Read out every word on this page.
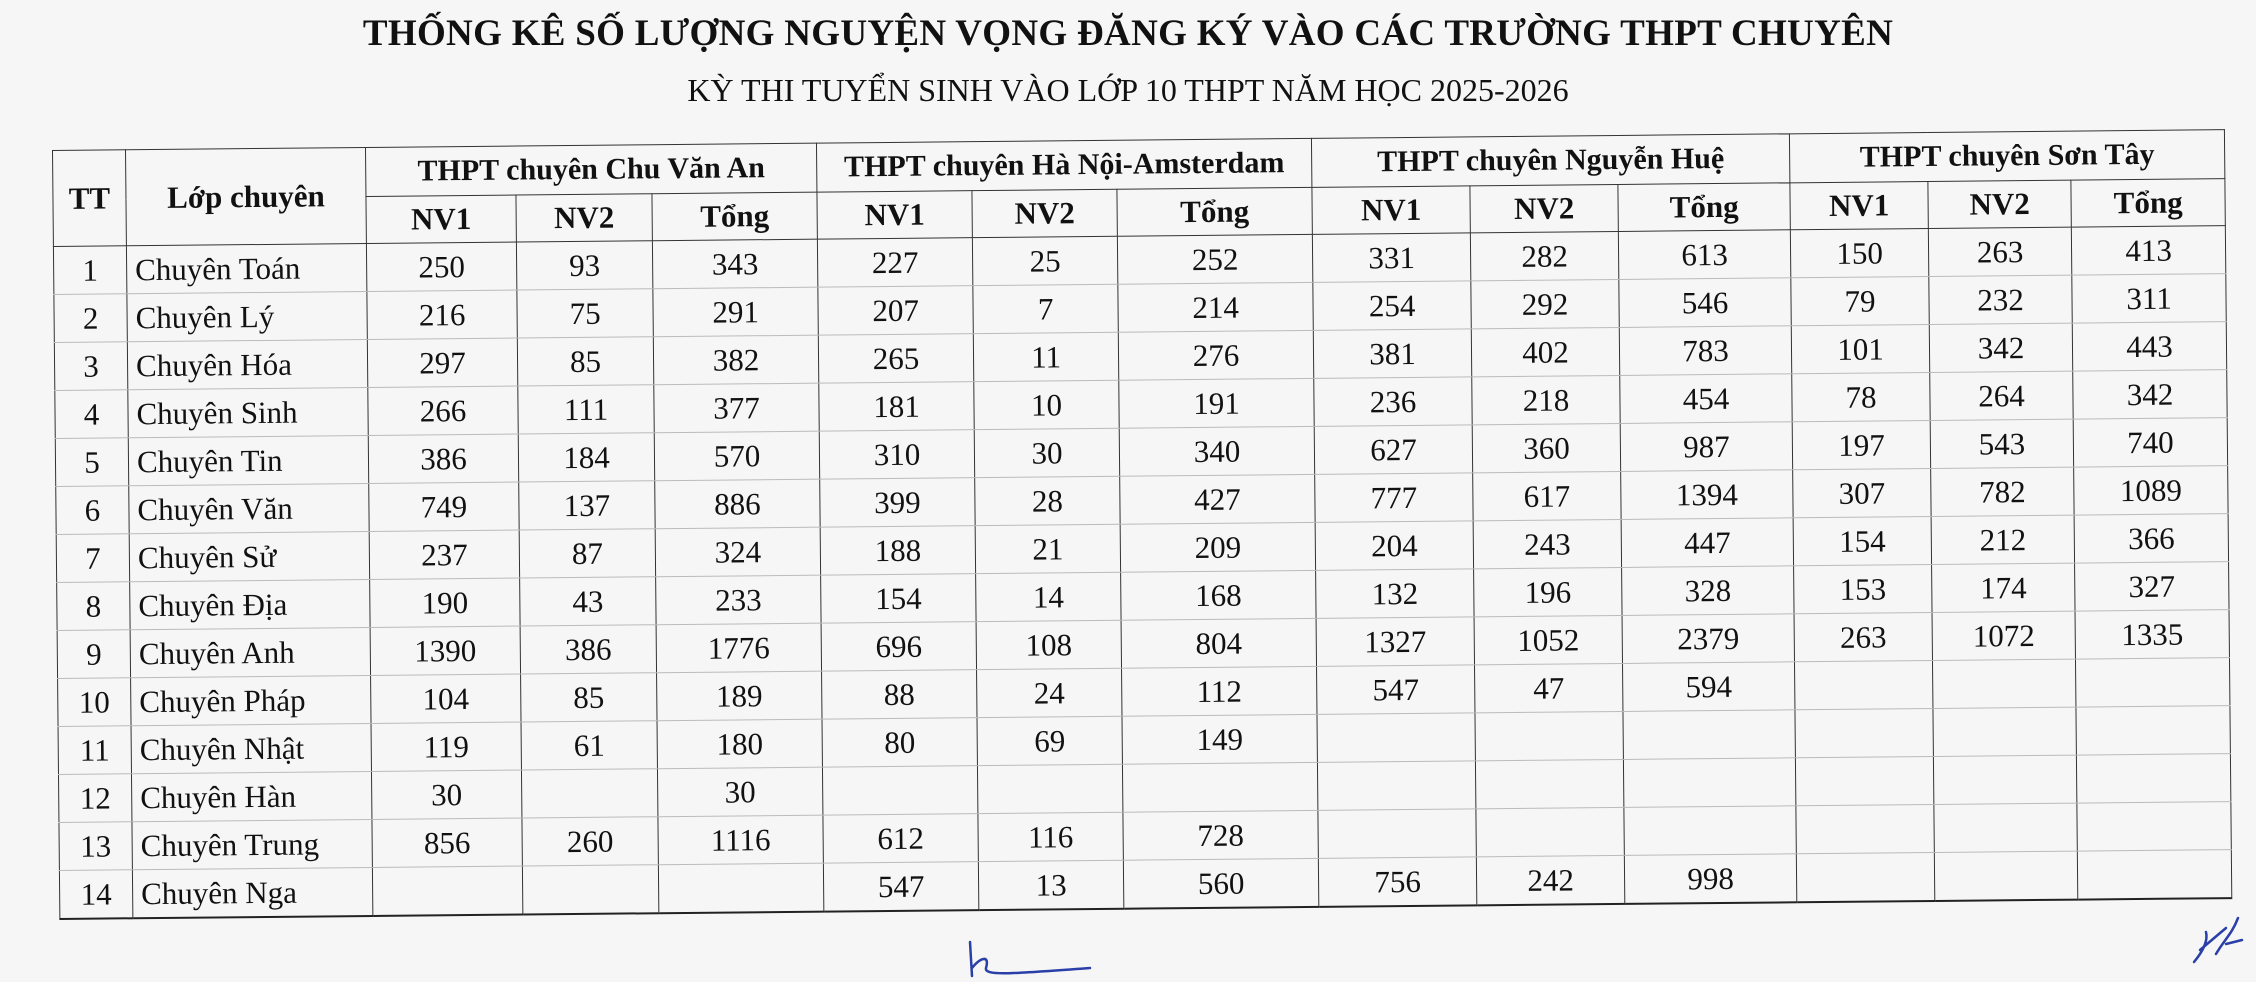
THỐNG KÊ SỐ LƯỢNG NGUYỆN VỌNG ĐĂNG KÝ VÀO CÁC TRƯỜNG THPT CHUYÊN
KỲ THI TUYỂN SINH VÀO LỚP 10 THPT NĂM HỌC 2025-2026
TT	Lớp chuyên	THPT chuyên Chu Văn An			THPT chuyên Hà Nội-Amsterdam			THPT chuyên Nguyễn Huệ			THPT chuyên Sơn Tây		
		NV1	NV2	Tổng	NV1	NV2	Tổng	NV1	NV2	Tổng	NV1	NV2	Tổng
1	Chuyên Toán	250	93	343	227	25	252	331	282	613	150	263	413
2	Chuyên Lý	216	75	291	207	7	214	254	292	546	79	232	311
3	Chuyên Hóa	297	85	382	265	11	276	381	402	783	101	342	443
4	Chuyên Sinh	266	111	377	181	10	191	236	218	454	78	264	342
5	Chuyên Tin	386	184	570	310	30	340	627	360	987	197	543	740
6	Chuyên Văn	749	137	886	399	28	427	777	617	1394	307	782	1089
7	Chuyên Sử	237	87	324	188	21	209	204	243	447	154	212	366
8	Chuyên Địa	190	43	233	154	14	168	132	196	328	153	174	327
9	Chuyên Anh	1390	386	1776	696	108	804	1327	1052	2379	263	1072	1335
10	Chuyên Pháp	104	85	189	88	24	112	547	47	594			
11	Chuyên Nhật	119	61	180	80	69	149						
12	Chuyên Hàn	30		30									
13	Chuyên Trung	856	260	1116	612	116	728						
14	Chuyên Nga				547	13	560	756	242	998			
